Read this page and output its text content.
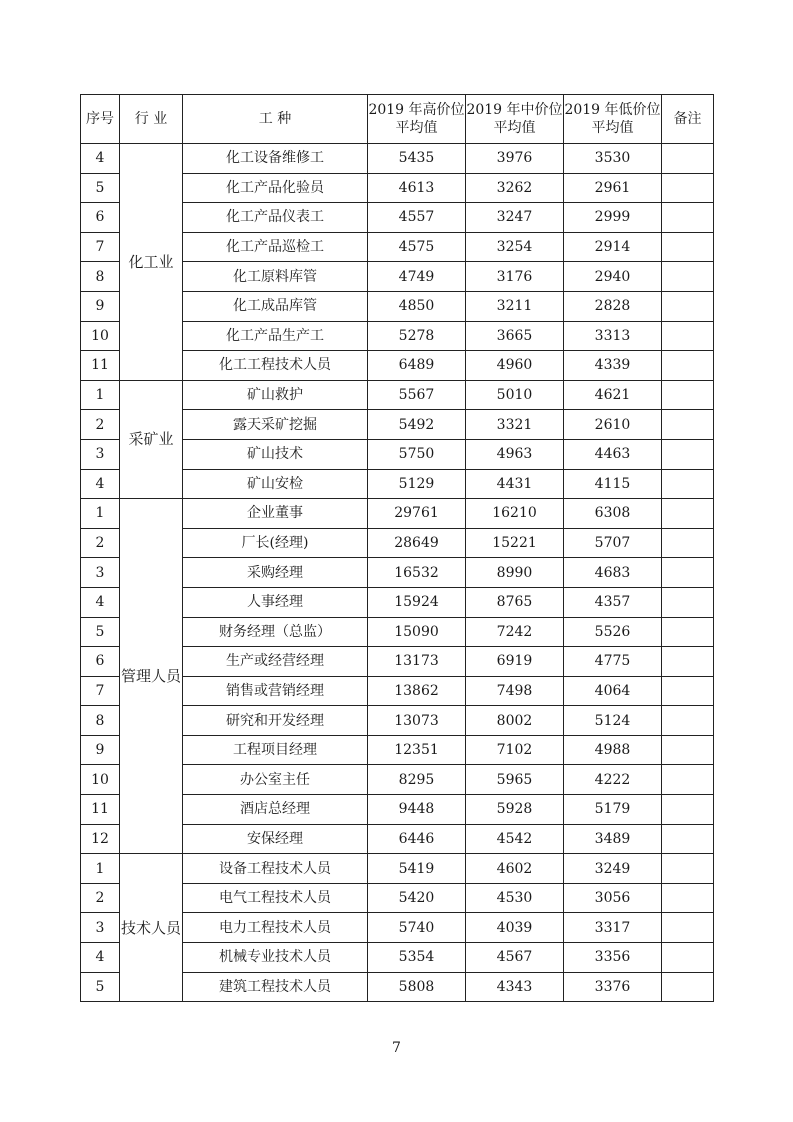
序号	行 业	工 种	2019 年高价位平均值	2019 年中价位平均值	2019 年低价位平均值	备注
4	化工业	化工设备维修工	5435	3976	3530	
5		化工产品化验员	4613	3262	2961	
6		化工产品仪表工	4557	3247	2999	
7		化工产品巡检工	4575	3254	2914	
8		化工原料库管	4749	3176	2940	
9		化工成品库管	4850	3211	2828	
10		化工产品生产工	5278	3665	3313	
11		化工工程技术人员	6489	4960	4339	
1	采矿业	矿山救护	5567	5010	4621	
2		露天采矿挖掘	5492	3321	2610	
3		矿山技术	5750	4963	4463	
4		矿山安检	5129	4431	4115	
1	管理人员	企业董事	29761	16210	6308	
2		厂长(经理)	28649	15221	5707	
3		采购经理	16532	8990	4683	
4		人事经理	15924	8765	4357	
5		财务经理（总监）	15090	7242	5526	
6		生产或经营经理	13173	6919	4775	
7		销售或营销经理	13862	7498	4064	
8		研究和开发经理	13073	8002	5124	
9		工程项目经理	12351	7102	4988	
10		办公室主任	8295	5965	4222	
11		酒店总经理	9448	5928	5179	
12		安保经理	6446	4542	3489	
1	技术人员	设备工程技术人员	5419	4602	3249	
2		电气工程技术人员	5420	4530	3056	
3		电力工程技术人员	5740	4039	3317	
4		机械专业技术人员	5354	4567	3356	
5		建筑工程技术人员	5808	4343	3376	
7
